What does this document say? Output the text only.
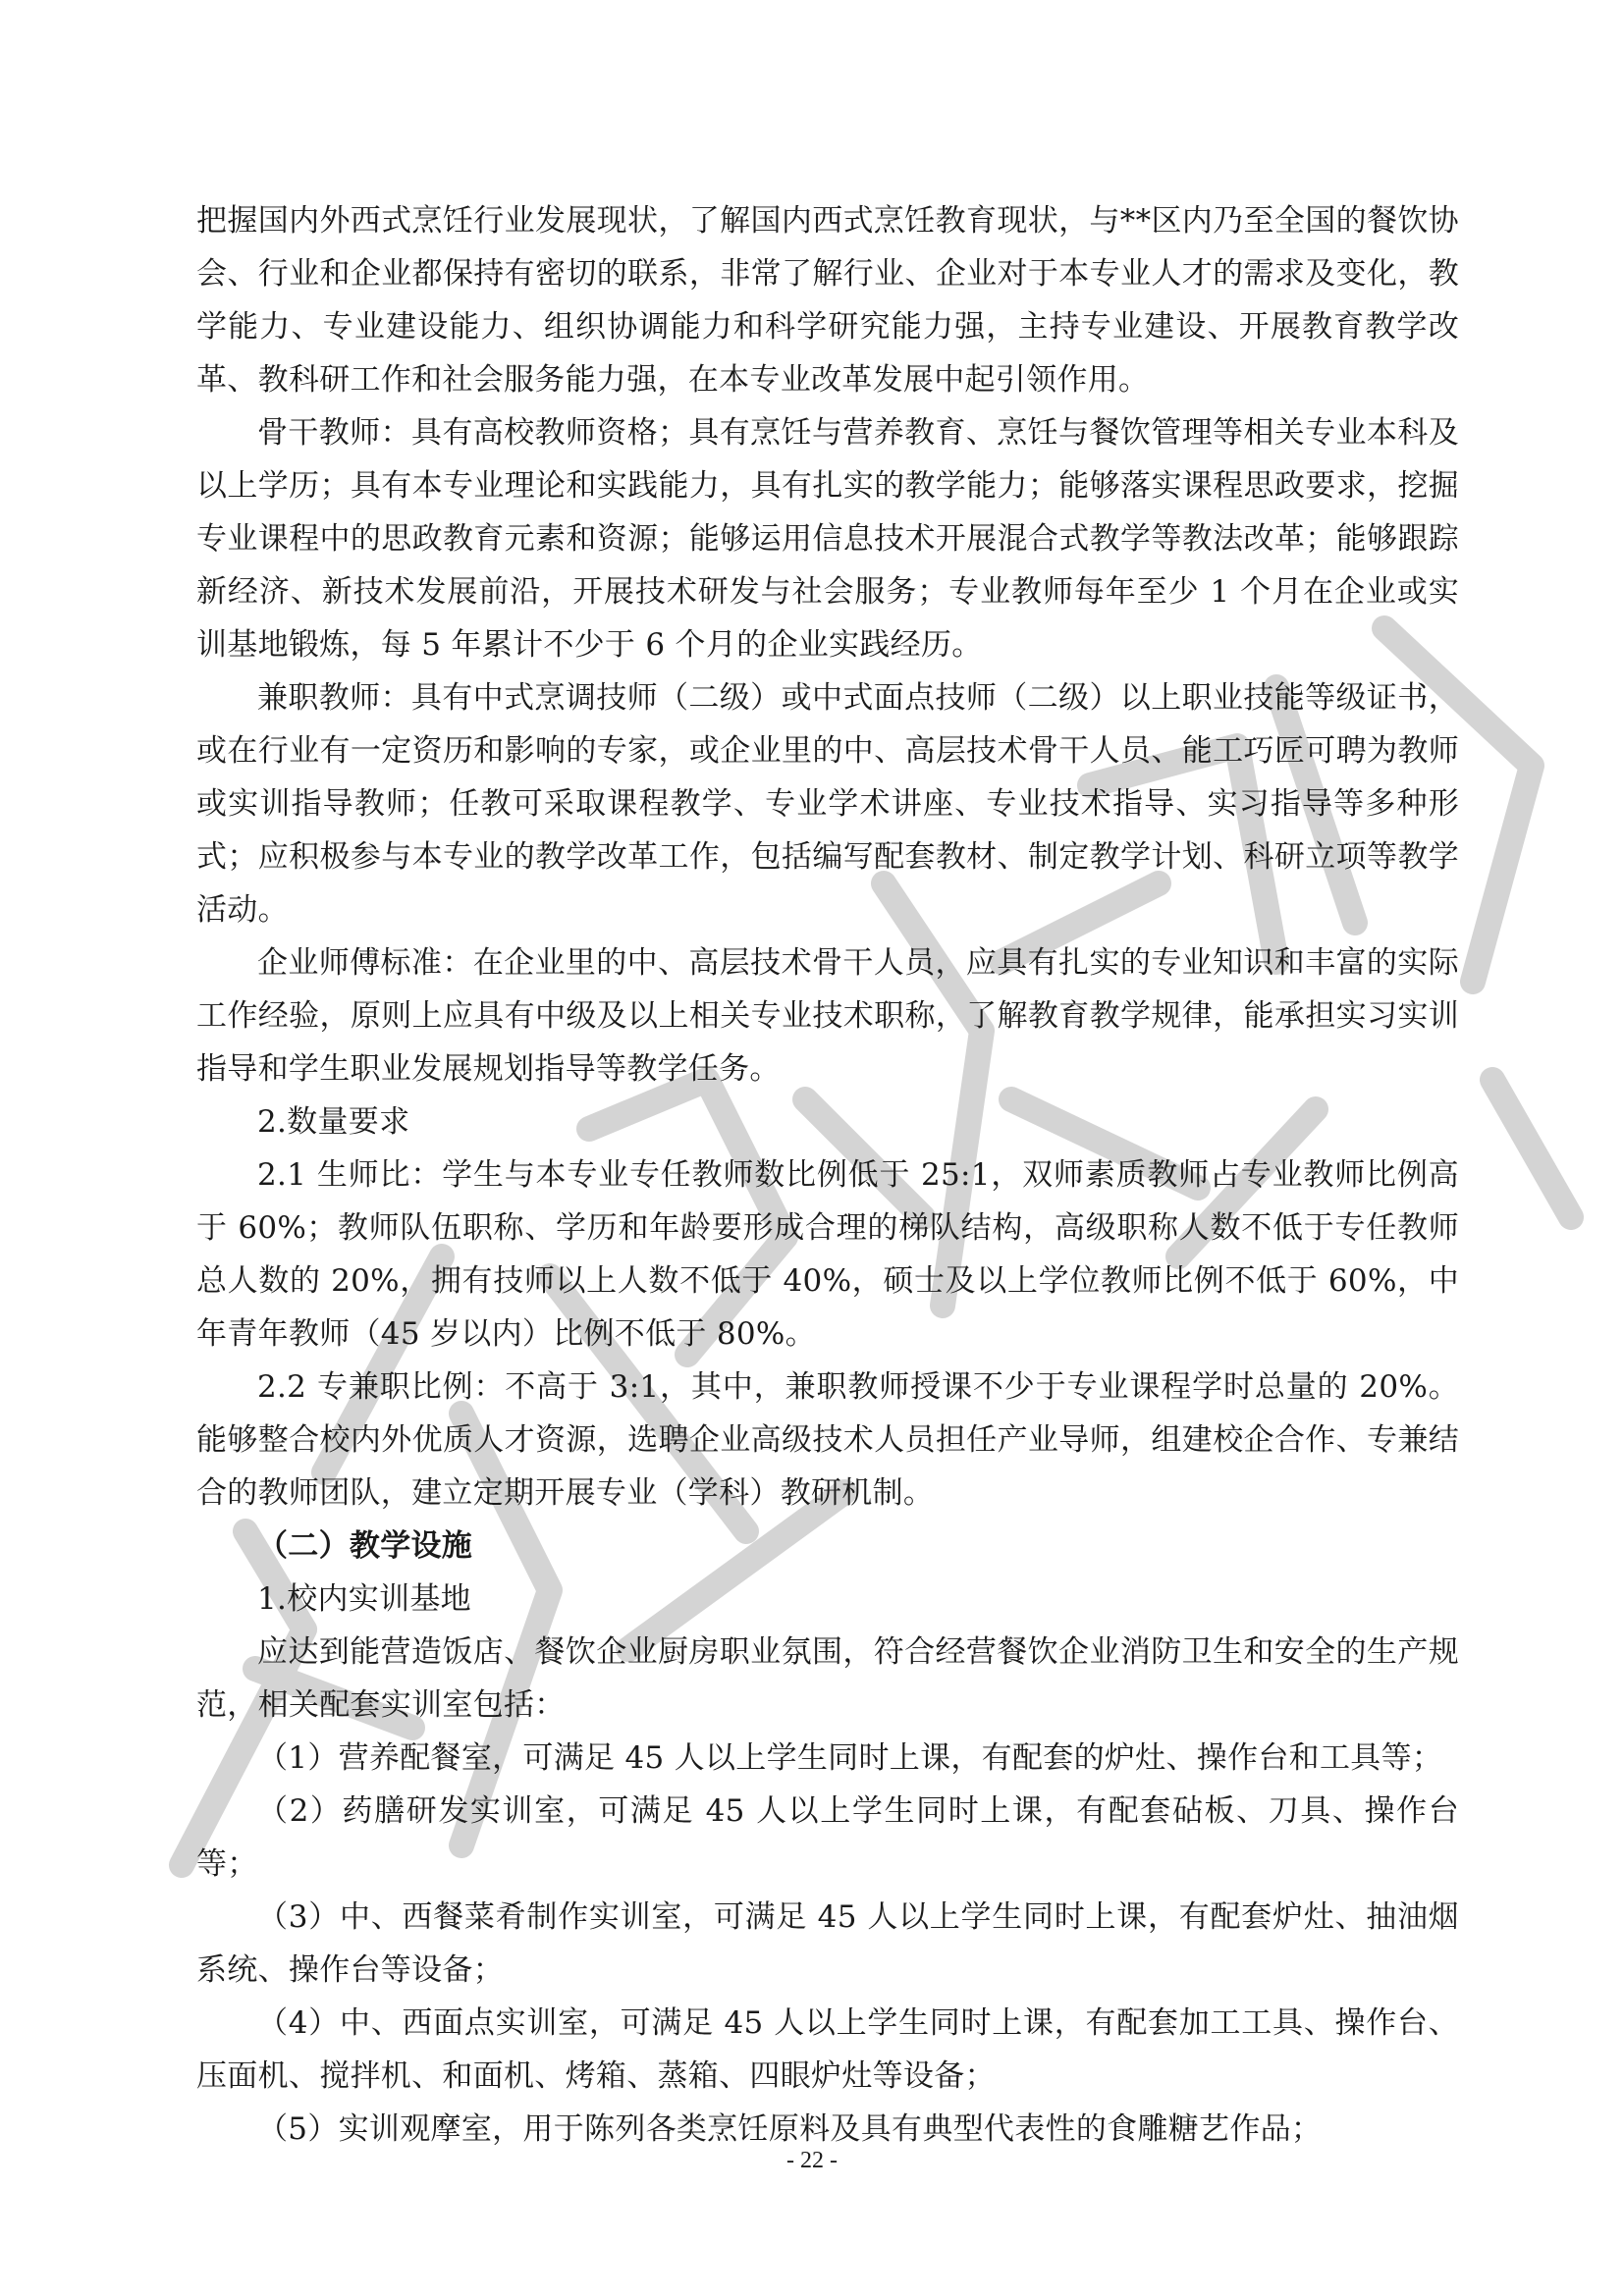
把握国内外西式烹饪行业发展现状，了解国内西式烹饪教育现状，与**区内乃至全国的餐饮协会、行业和企业都保持有密切的联系，非常了解行业、企业对于本专业人才的需求及变化，教学能力、专业建设能力、组织协调能力和科学研究能力强，主持专业建设、开展教育教学改革、教科研工作和社会服务能力强，在本专业改革发展中起引领作用。

骨干教师：具有高校教师资格；具有烹饪与营养教育、烹饪与餐饮管理等相关专业本科及以上学历；具有本专业理论和实践能力，具有扎实的教学能力；能够落实课程思政要求，挖掘专业课程中的思政教育元素和资源；能够运用信息技术开展混合式教学等教法改革；能够跟踪新经济、新技术发展前沿，开展技术研发与社会服务；专业教师每年至少 1 个月在企业或实训基地锻炼，每 5 年累计不少于 6 个月的企业实践经历。

兼职教师：具有中式烹调技师（二级）或中式面点技师（二级）以上职业技能等级证书，或在行业有一定资历和影响的专家，或企业里的中、高层技术骨干人员、能工巧匠可聘为教师或实训指导教师；任教可采取课程教学、专业学术讲座、专业技术指导、实习指导等多种形式；应积极参与本专业的教学改革工作，包括编写配套教材、制定教学计划、科研立项等教学活动。

企业师傅标准：在企业里的中、高层技术骨干人员，应具有扎实的专业知识和丰富的实际工作经验，原则上应具有中级及以上相关专业技术职称，了解教育教学规律，能承担实习实训指导和学生职业发展规划指导等教学任务。

2.数量要求

2.1 生师比：学生与本专业专任教师数比例低于 25:1，双师素质教师占专业教师比例高于 60%；教师队伍职称、学历和年龄要形成合理的梯队结构，高级职称人数不低于专任教师总人数的 20%，拥有技师以上人数不低于 40%，硕士及以上学位教师比例不低于 60%，中年青年教师（45 岁以内）比例不低于 80%。

2.2 专兼职比例：不高于 3:1，其中，兼职教师授课不少于专业课程学时总量的 20%。能够整合校内外优质人才资源，选聘企业高级技术人员担任产业导师，组建校企合作、专兼结合的教师团队，建立定期开展专业（学科）教研机制。

（二）教学设施

1.校内实训基地

应达到能营造饭店、餐饮企业厨房职业氛围，符合经营餐饮企业消防卫生和安全的生产规范，相关配套实训室包括：

（1）营养配餐室，可满足 45 人以上学生同时上课，有配套的炉灶、操作台和工具等；

（2）药膳研发实训室，可满足 45 人以上学生同时上课，有配套砧板、刀具、操作台等；

（3）中、西餐菜肴制作实训室，可满足 45 人以上学生同时上课，有配套炉灶、抽油烟系统、操作台等设备；

（4）中、西面点实训室，可满足 45 人以上学生同时上课，有配套加工工具、操作台、压面机、搅拌机、和面机、烤箱、蒸箱、四眼炉灶等设备；

（5）实训观摩室，用于陈列各类烹饪原料及具有典型代表性的食雕糖艺作品；

- 22 -
